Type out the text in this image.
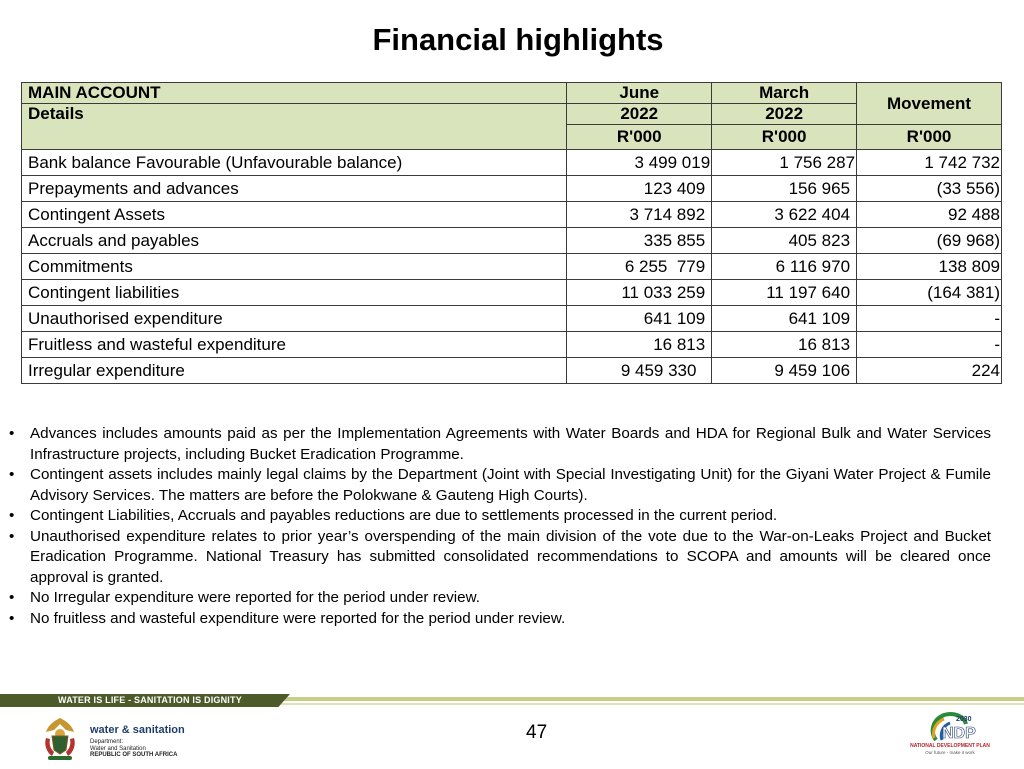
Financial highlights
MAIN ACCOUNT	June	March	Movement
Details	2022	2022	
	R'000	R'000	R'000
Bank balance Favourable (Unfavourable balance)	3 499 019	1 756 287	1 742 732
Prepayments and advances	123 409	156 965	(33 556)
Contingent Assets	3 714 892	3 622 404	92 488
Accruals and payables	335 855	405 823	(69 968)
Commitments	6 255  779	6 116 970	138 809
Contingent liabilities	11 033 259	11 197 640	(164 381)
Unauthorised expenditure	641 109	641 109	-
Fruitless and wasteful expenditure	16 813	16 813	-
Irregular expenditure	9 459 330	9 459 106	224
• Advances includes amounts paid as per the Implementation Agreements with Water Boards and HDA for Regional Bulk and Water Services Infrastructure projects, including Bucket Eradication Programme.
• Contingent assets includes mainly legal claims by the Department (Joint with Special Investigating Unit) for the Giyani Water Project & Fumile Advisory Services. The matters are before the Polokwane & Gauteng High Courts).
• Contingent Liabilities, Accruals and payables reductions are due to settlements processed in the current period.
• Unauthorised expenditure relates to prior year’s overspending of the main division of the vote due to the War-on-Leaks Project and Bucket Eradication Programme. National Treasury has submitted consolidated recommendations to SCOPA and amounts will be cleared once approval is granted.
• No Irregular expenditure were reported for the period under review.
• No fruitless and wasteful expenditure were reported for the period under review.
WATER IS LIFE - SANITATION IS DIGNITY
water & sanitation
Department:
Water and Sanitation
REPUBLIC OF SOUTH AFRICA
47
2030
NDP
NATIONAL DEVELOPMENT PLAN
Our future - make it work
